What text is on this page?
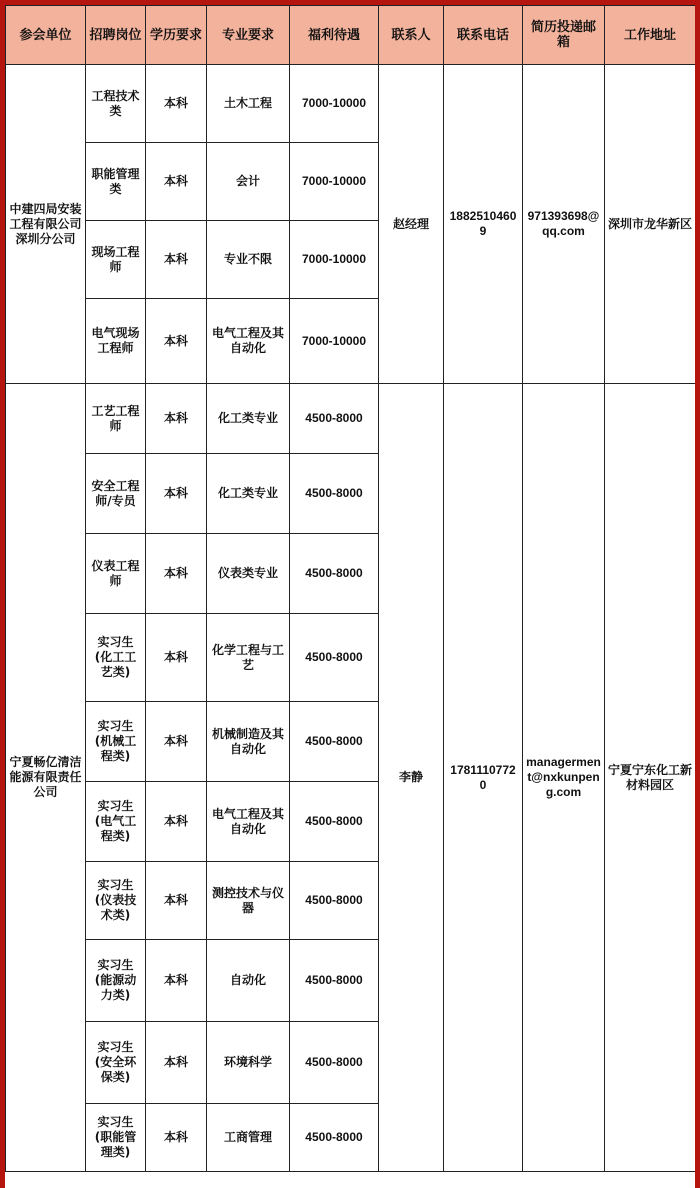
参会单位	招聘岗位	学历要求	专业要求	福利待遇	联系人	联系电话	简历投递邮箱	工作地址
中建四局安装工程有限公司深圳分公司	工程技术类	本科	土木工程	7000-10000	赵经理	18825104609	971393698@qq.com	深圳市龙华新区
	职能管理类	本科	会计	7000-10000				
	现场工程师	本科	专业不限	7000-10000				
	电气现场工程师	本科	电气工程及其自动化	7000-10000				
宁夏畅亿清洁能源有限责任公司	工艺工程师	本科	化工类专业	4500-8000	李静	17811107720	managerment@nxkunpeng.com	宁夏宁东化工新材料园区
	安全工程师/专员	本科	化工类专业	4500-8000				
	仪表工程师	本科	仪表类专业	4500-8000				
	实习生(化工工艺类)	本科	化学工程与工艺	4500-8000				
	实习生(机械工程类)	本科	机械制造及其自动化	4500-8000				
	实习生(电气工程类)	本科	电气工程及其自动化	4500-8000				
	实习生(仪表技术类)	本科	测控技术与仪器	4500-8000				
	实习生(能源动力类)	本科	自动化	4500-8000				
	实习生(安全环保类)	本科	环境科学	4500-8000				
	实习生(职能管理类)	本科	工商管理	4500-8000				
